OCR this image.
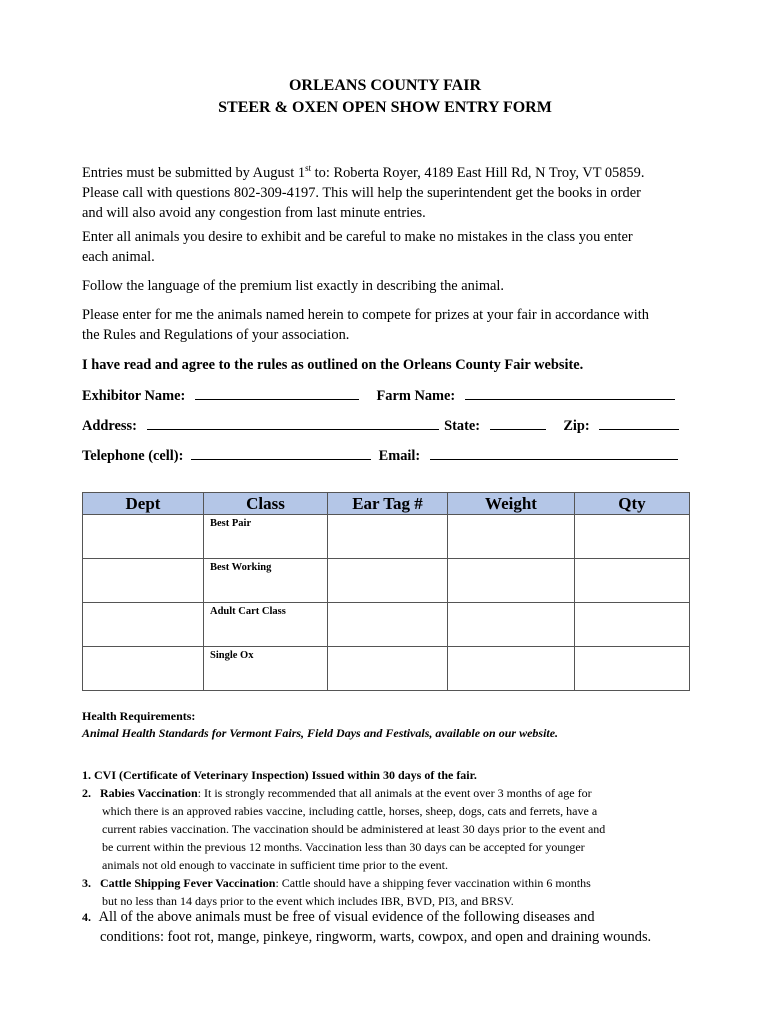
ORLEANS COUNTY FAIR
STEER & OXEN OPEN SHOW ENTRY FORM
Entries must be submitted by August 1st to: Roberta Royer, 4189 East Hill Rd, N Troy, VT 05859.
Please call with questions 802-309-4197. This will help the superintendent get the books in order
and will also avoid any congestion from last minute entries.
Enter all animals you desire to exhibit and be careful to make no mistakes in the class you enter
each animal.
Follow the language of the premium list exactly in describing the animal.
Please enter for me the animals named herein to compete for prizes at your fair in accordance with
the Rules and Regulations of your association.
I have read and agree to the rules as outlined on the Orleans County Fair website.
Exhibitor Name:	Farm Name:
Address:	State:	Zip:
Telephone (cell):	Email:
Dept	Class	Ear Tag #	Weight	Qty
	Best Pair			
	Best Working			
	Adult Cart Class			
	Single Ox			
Health Requirements:
Animal Health Standards for Vermont Fairs, Field Days and Festivals, available on our website.
1. CVI (Certificate of Veterinary Inspection) Issued within 30 days of the fair.
2. Rabies Vaccination: It is strongly recommended that all animals at the event over 3 months of age for
which there is an approved rabies vaccine, including cattle, horses, sheep, dogs, cats and ferrets, have a
current rabies vaccination. The vaccination should be administered at least 30 days prior to the event and
be current within the previous 12 months. Vaccination less than 30 days can be accepted for younger
animals not old enough to vaccinate in sufficient time prior to the event.
3. Cattle Shipping Fever Vaccination: Cattle should have a shipping fever vaccination within 6 months
but no less than 14 days prior to the event which includes IBR, BVD, PI3, and BRSV.
4. All of the above animals must be free of visual evidence of the following diseases and
conditions: foot rot, mange, pinkeye, ringworm, warts, cowpox, and open and draining wounds.
